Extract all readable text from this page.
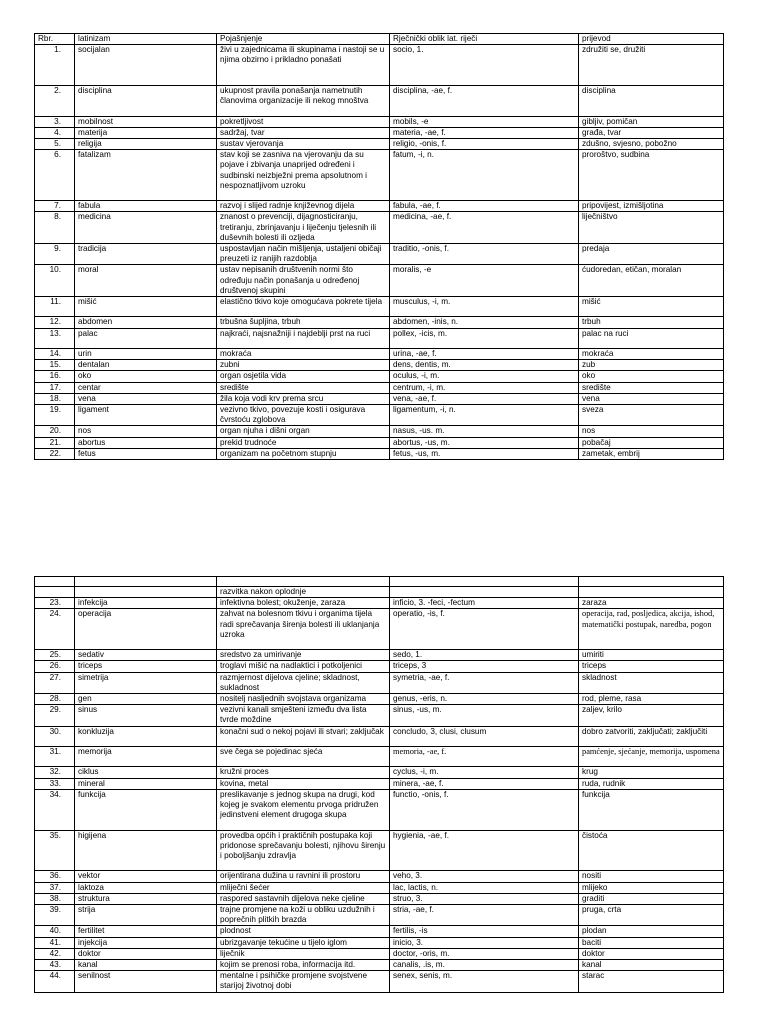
Rbr.	latinizam	Pojašnjenje	Rječnički oblik lat. riječi	prijevod
1.	socijalan	živi u zajednicama ili skupinama i nastoji se u njima obzirno i prikladno ponašati	socio, 1.	združiti se, družiti
2.	disciplina	ukupnost pravila ponašanja nametnutih članovima organizacije ili nekog mnoštva	disciplina, -ae, f.	disciplina
3.	mobilnost	pokretljivost	mobils, -e	gibljiv, pomičan
4.	materija	sadržaj, tvar	materia, -ae, f.	građa, tvar
5.	religija	sustav vjerovanja	religio, -onis, f.	zdušno, svjesno, pobožno
6.	fatalizam	stav koji se zasniva na vjerovanju da su pojave i zbivanja unaprijed određeni i sudbinski neizbježni prema apsolutnom i nespoznatljivom uzroku	fatum, -i, n.	proroštvo, sudbina
7.	fabula	razvoj i slijed radnje književnog dijela	fabula, -ae, f.	pripovijest, izmišljotina
8.	medicina	znanost o prevenciji, dijagnosticiranju, tretiranju, zbrinjavanju i liječenju tjelesnih ili duševnih bolesti ili ozljeda	medicina, -ae, f.	liječništvo
9.	tradicija	uspostavljan način mišljenja, ustaljeni običaji preuzeti iz ranijih razdoblja	traditio, -onis, f.	predaja
10.	moral	ustav nepisanih društvenih normi što određuju način ponašanja u određenoj društvenoj skupini	moralis, -e	ćudoredan, etičan, moralan
11.	mišić	elastično tkivo koje omogućava pokrete tijela	musculus, -i, m.	mišić
12.	abdomen	trbušna šupljina, trbuh	abdomen, -inis, n.	trbuh
13.	palac	najkraći, najsnažniji i najdeblji prst na ruci	pollex, -icis, m.	palac na ruci
14.	urin	mokraća	urina, -ae, f.	mokraća
15.	dentalan	zubni	dens, dentis, m.	zub
16.	oko	organ osjetila vida	oculus, -i, m.	oko
17.	centar	središte	centrum, -i, m.	središte
18.	vena	žila koja vodi krv prema srcu	vena, -ae, f.	vena
19.	ligament	vezivno tkivo, povezuje kosti i osigurava čvrstoću zglobova	ligamentum, -i, n.	sveza
20.	nos	organ njuha i dišni organ	nasus, -us. m.	nos
21.	abortus	prekid trudnoće	abortus, -us, m.	pobačaj
22.	fetus	organizam na početnom stupnju	fetus, -us, m.	zametak, embrij

		razvitka nakon oplodnje		
23.	infekcija	infektivna bolest; okuženje, zaraza	inficio, 3. -feci, -fectum	zaraza
24.	operacija	zahvat na bolesnom tkivu i organima tijela radi sprečavanja širenja bolesti ili uklanjanja uzroka	operatio, -is, f.	operacija, rad, posljedica, akcija, ishod, matematički postupak, naredba, pogon
25.	sedativ	sredstvo za umirivanje	sedo, 1.	umiriti
26.	triceps	troglavi mišić na nadlaktici i potkoljenici	triceps, 3	triceps
27.	simetrija	razmjernost dijelova cjeline; skladnost, sukladnost	symetria, -ae, f.	skladnost
28.	gen	nositelj nasljednih svojstava organizama	genus, -eris, n.	rod, pleme, rasa
29.	sinus	vezivni kanali smješteni između dva lista tvrde moždine	sinus, -us, m.	zaljev, krilo
30.	konkluzija	konačni sud o nekoj pojavi ili stvari; zaključak	concludo, 3, clusi, clusum	dobro zatvoriti, zaključati; zaključiti
31.	memorija	sve čega se pojedinac sjeća	memoria, -ae, f.	pamćenje, sjećanje, memorija, uspomena
32.	ciklus	kružni proces	cyclus, -i, m.	krug
33.	mineral	kovina, metal	minera, -ae, f.	ruda, rudnik
34.	funkcija	preslikavanje s jednog skupa na drugi, kod kojeg je svakom elementu prvoga pridružen jedinstveni element drugoga skupa	functio, -onis, f.	funkcija
35.	higijena	provedba općih i praktičnih postupaka koji pridonose sprečavanju bolesti, njihovu širenju i poboljšanju zdravlja	hygienia, -ae, f.	čistoća
36.	vektor	orijentirana dužina u ravnini ili prostoru	veho, 3.	nositi
37.	laktoza	mliječni šećer	lac, lactis, n.	mlijeko
38.	struktura	raspored sastavnih dijelova neke cjeline	struo, 3.	graditi
39.	strija	trajne promjene na koži u obliku uzdužnih i poprečnih plitkih brazda	stria, -ae, f.	pruga, crta
40.	fertilitet	plodnost	fertilis, -is	plodan
41.	injekcija	ubrizgavanje tekućine u tijelo iglom	inicio, 3.	baciti
42.	doktor	liječnik	doctor, -oris, m.	doktor
43.	kanal	kojim se prenosi roba, informacija itd.	canalis, .is, m.	kanal
44.	senilnost	mentalne i psihičke promjene svojstvene starijoj životnoj dobi	senex, senis, m.	starac
